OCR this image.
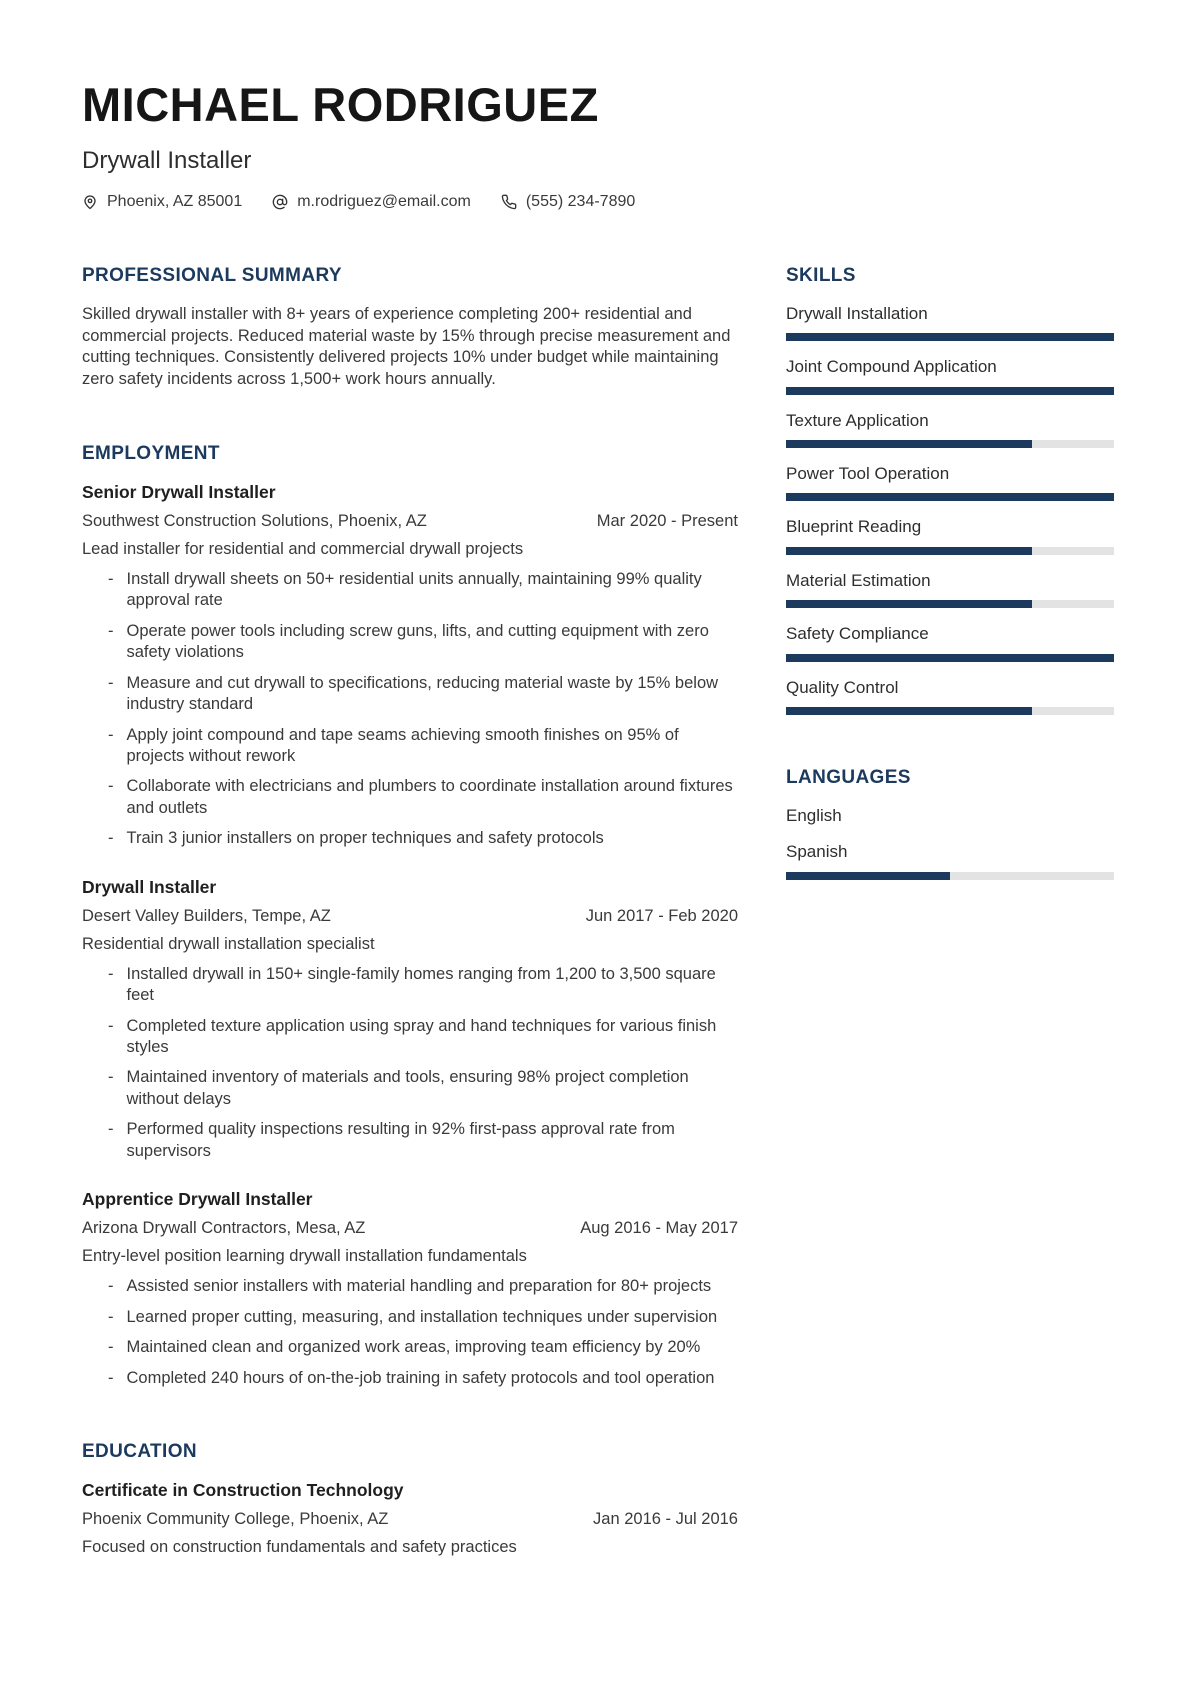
MICHAEL RODRIGUEZ
Drywall Installer
Phoenix, AZ 85001	m.rodriguez@email.com	(555) 234-7890
PROFESSIONAL SUMMARY

Skilled drywall installer with 8+ years of experience completing 200+ residential and commercial projects. Reduced material waste by 15% through precise measurement and cutting techniques. Consistently delivered projects 10% under budget while maintaining zero safety incidents across 1,500+ work hours annually.

EMPLOYMENT
Senior Drywall Installer
Southwest Construction Solutions, Phoenix, AZ	Mar 2020 - Present
Lead installer for residential and commercial drywall projects
- Install drywall sheets on 50+ residential units annually, maintaining 99% quality approval rate
- Operate power tools including screw guns, lifts, and cutting equipment with zero safety violations
- Measure and cut drywall to specifications, reducing material waste by 15% below industry standard
- Apply joint compound and tape seams achieving smooth finishes on 95% of projects without rework
- Collaborate with electricians and plumbers to coordinate installation around fixtures and outlets
- Train 3 junior installers on proper techniques and safety protocols
Drywall Installer
Desert Valley Builders, Tempe, AZ	Jun 2017 - Feb 2020
Residential drywall installation specialist
- Installed drywall in 150+ single-family homes ranging from 1,200 to 3,500 square feet
- Completed texture application using spray and hand techniques for various finish styles
- Maintained inventory of materials and tools, ensuring 98% project completion without delays
- Performed quality inspections resulting in 92% first-pass approval rate from supervisors
Apprentice Drywall Installer
Arizona Drywall Contractors, Mesa, AZ	Aug 2016 - May 2017
Entry-level position learning drywall installation fundamentals
- Assisted senior installers with material handling and preparation for 80+ projects
- Learned proper cutting, measuring, and installation techniques under supervision
- Maintained clean and organized work areas, improving team efficiency by 20%
- Completed 240 hours of on-the-job training in safety protocols and tool operation
EDUCATION
Certificate in Construction Technology
Phoenix Community College, Phoenix, AZ	Jan 2016 - Jul 2016
Focused on construction fundamentals and safety practices
SKILLS
Drywall Installation
Joint Compound Application
Texture Application
Power Tool Operation
Blueprint Reading
Material Estimation
Safety Compliance
Quality Control
LANGUAGES
English
Spanish
